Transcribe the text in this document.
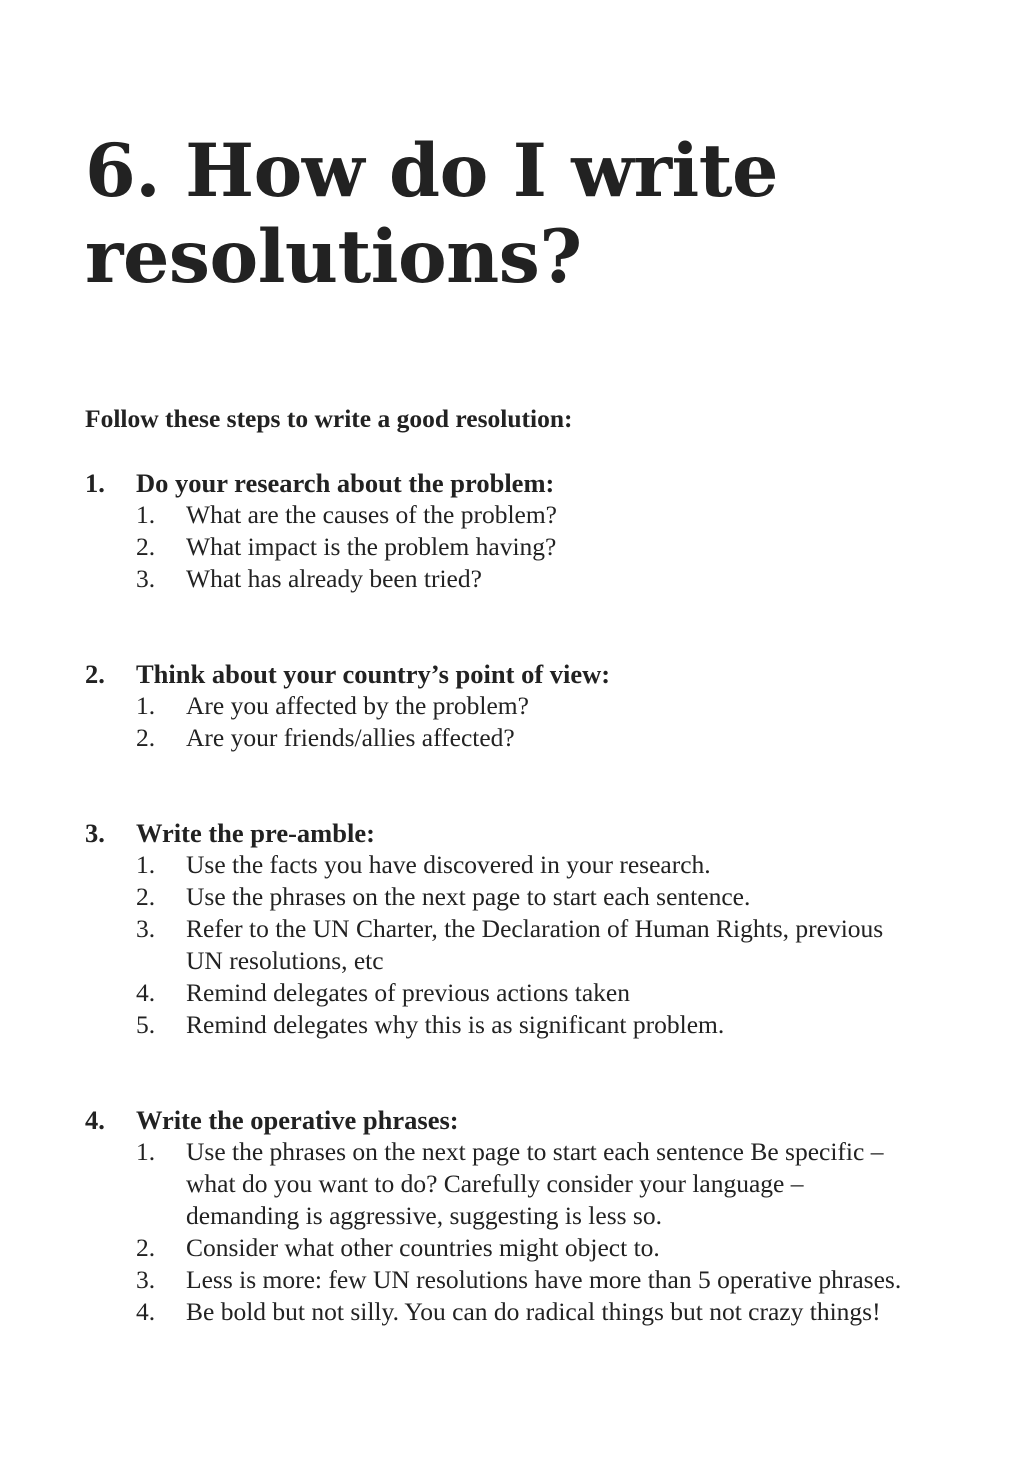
6. How do I write resolutions?

Follow these steps to write a good resolution:

1. Do your research about the problem:
1. What are the causes of the problem?
2. What impact is the problem having?
3. What has already been tried?
2. Think about your country’s point of view:
1. Are you affected by the problem?
2. Are your friends/allies affected?
3. Write the pre-amble:
1. Use the facts you have discovered in your research.
2. Use the phrases on the next page to start each sentence.
3. Refer to the UN Charter, the Declaration of Human Rights, previous UN resolutions, etc
4. Remind delegates of previous actions taken
5. Remind delegates why this is as significant problem.
4. Write the operative phrases:
1. Use the phrases on the next page to start each sentence Be specific – what do you want to do? Carefully consider your language – demanding is aggressive, suggesting is less so.
2. Consider what other countries might object to.
3. Less is more: few UN resolutions have more than 5 operative phrases.
4. Be bold but not silly. You can do radical things but not crazy things!
